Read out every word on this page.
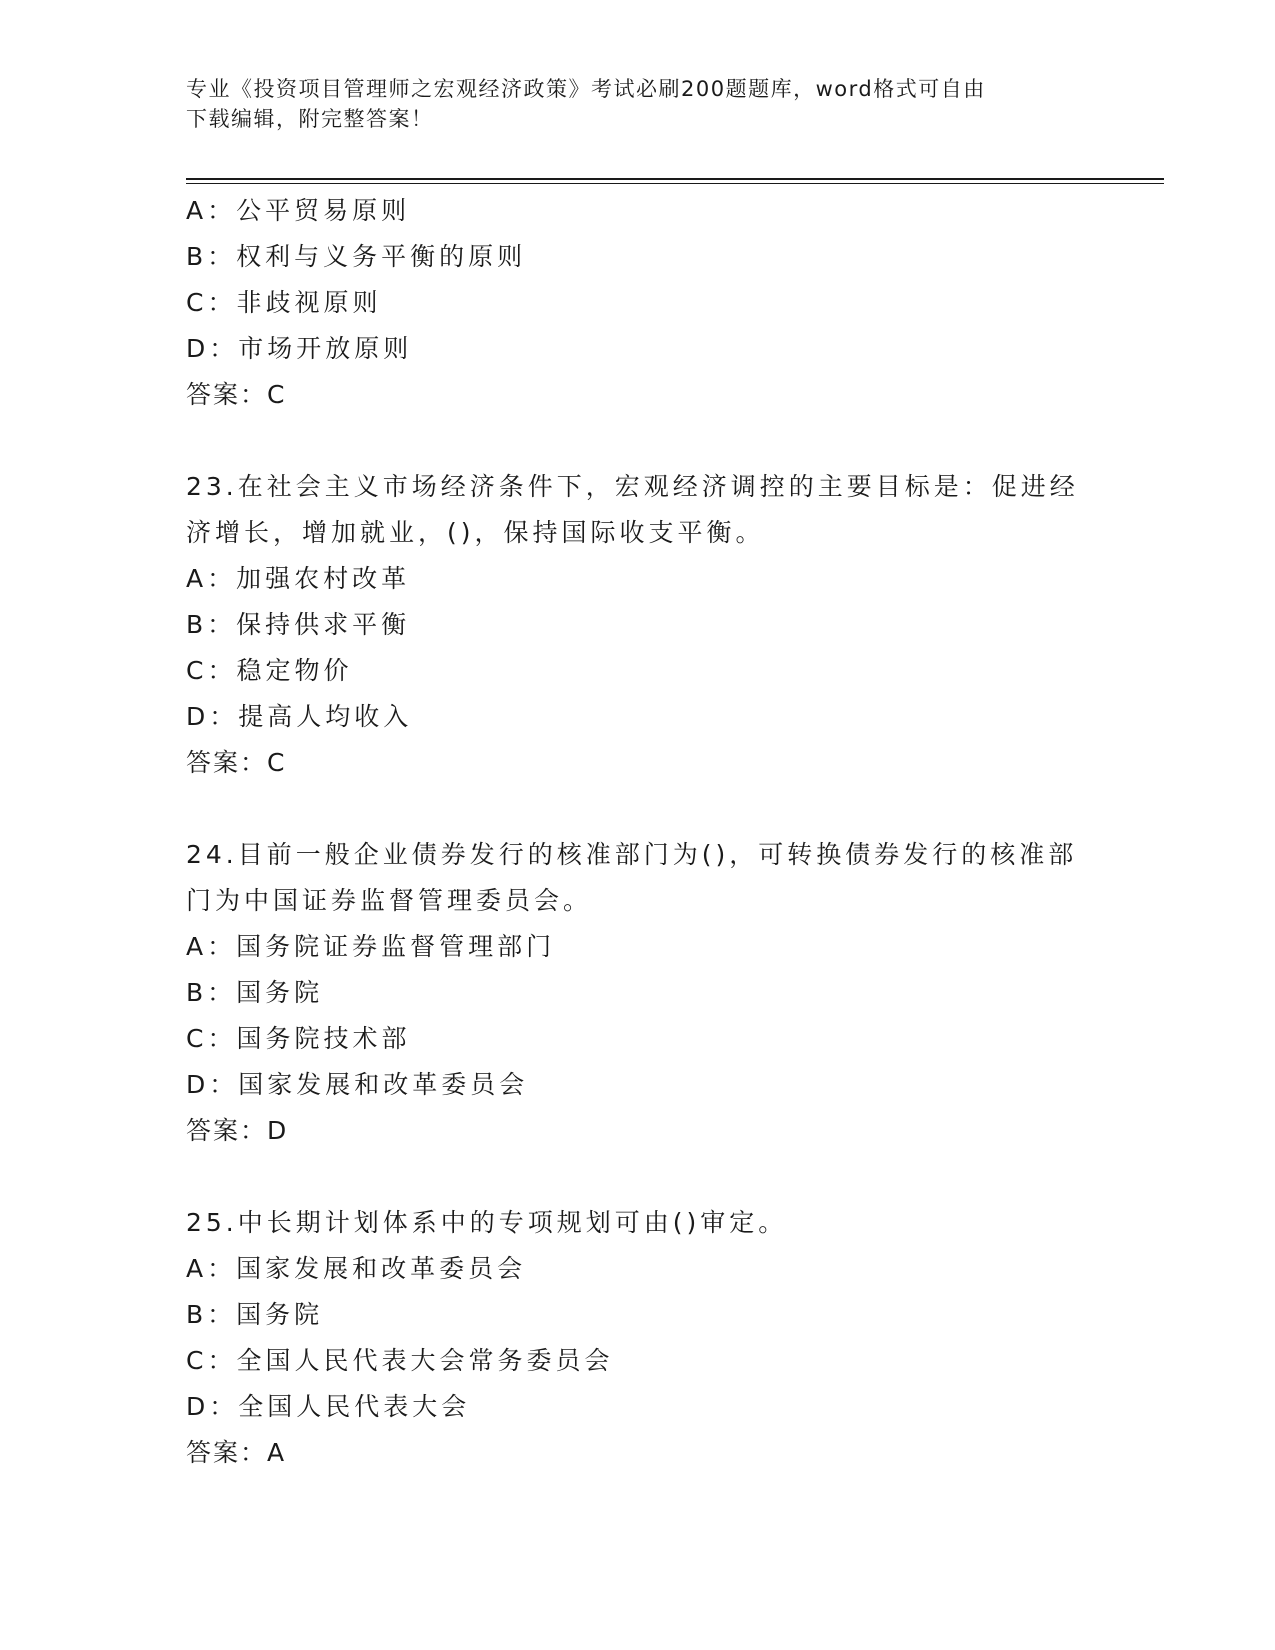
专业《投资项目管理师之宏观经济政策》考试必刷200题题库，word格式可自由
下载编辑，附完整答案！
A：公平贸易原则
B：权利与义务平衡的原则
C：非歧视原则
D：市场开放原则
答案：C
23.在社会主义市场经济条件下，宏观经济调控的主要目标是：促进经
济增长，增加就业，()，保持国际收支平衡。
A：加强农村改革
B：保持供求平衡
C：稳定物价
D：提高人均收入
答案：C
24.目前一般企业债券发行的核准部门为()，可转换债券发行的核准部
门为中国证券监督管理委员会。
A：国务院证券监督管理部门
B：国务院
C：国务院技术部
D：国家发展和改革委员会
答案：D
25.中长期计划体系中的专项规划可由()审定。
A：国家发展和改革委员会
B：国务院
C：全国人民代表大会常务委员会
D：全国人民代表大会
答案：A
